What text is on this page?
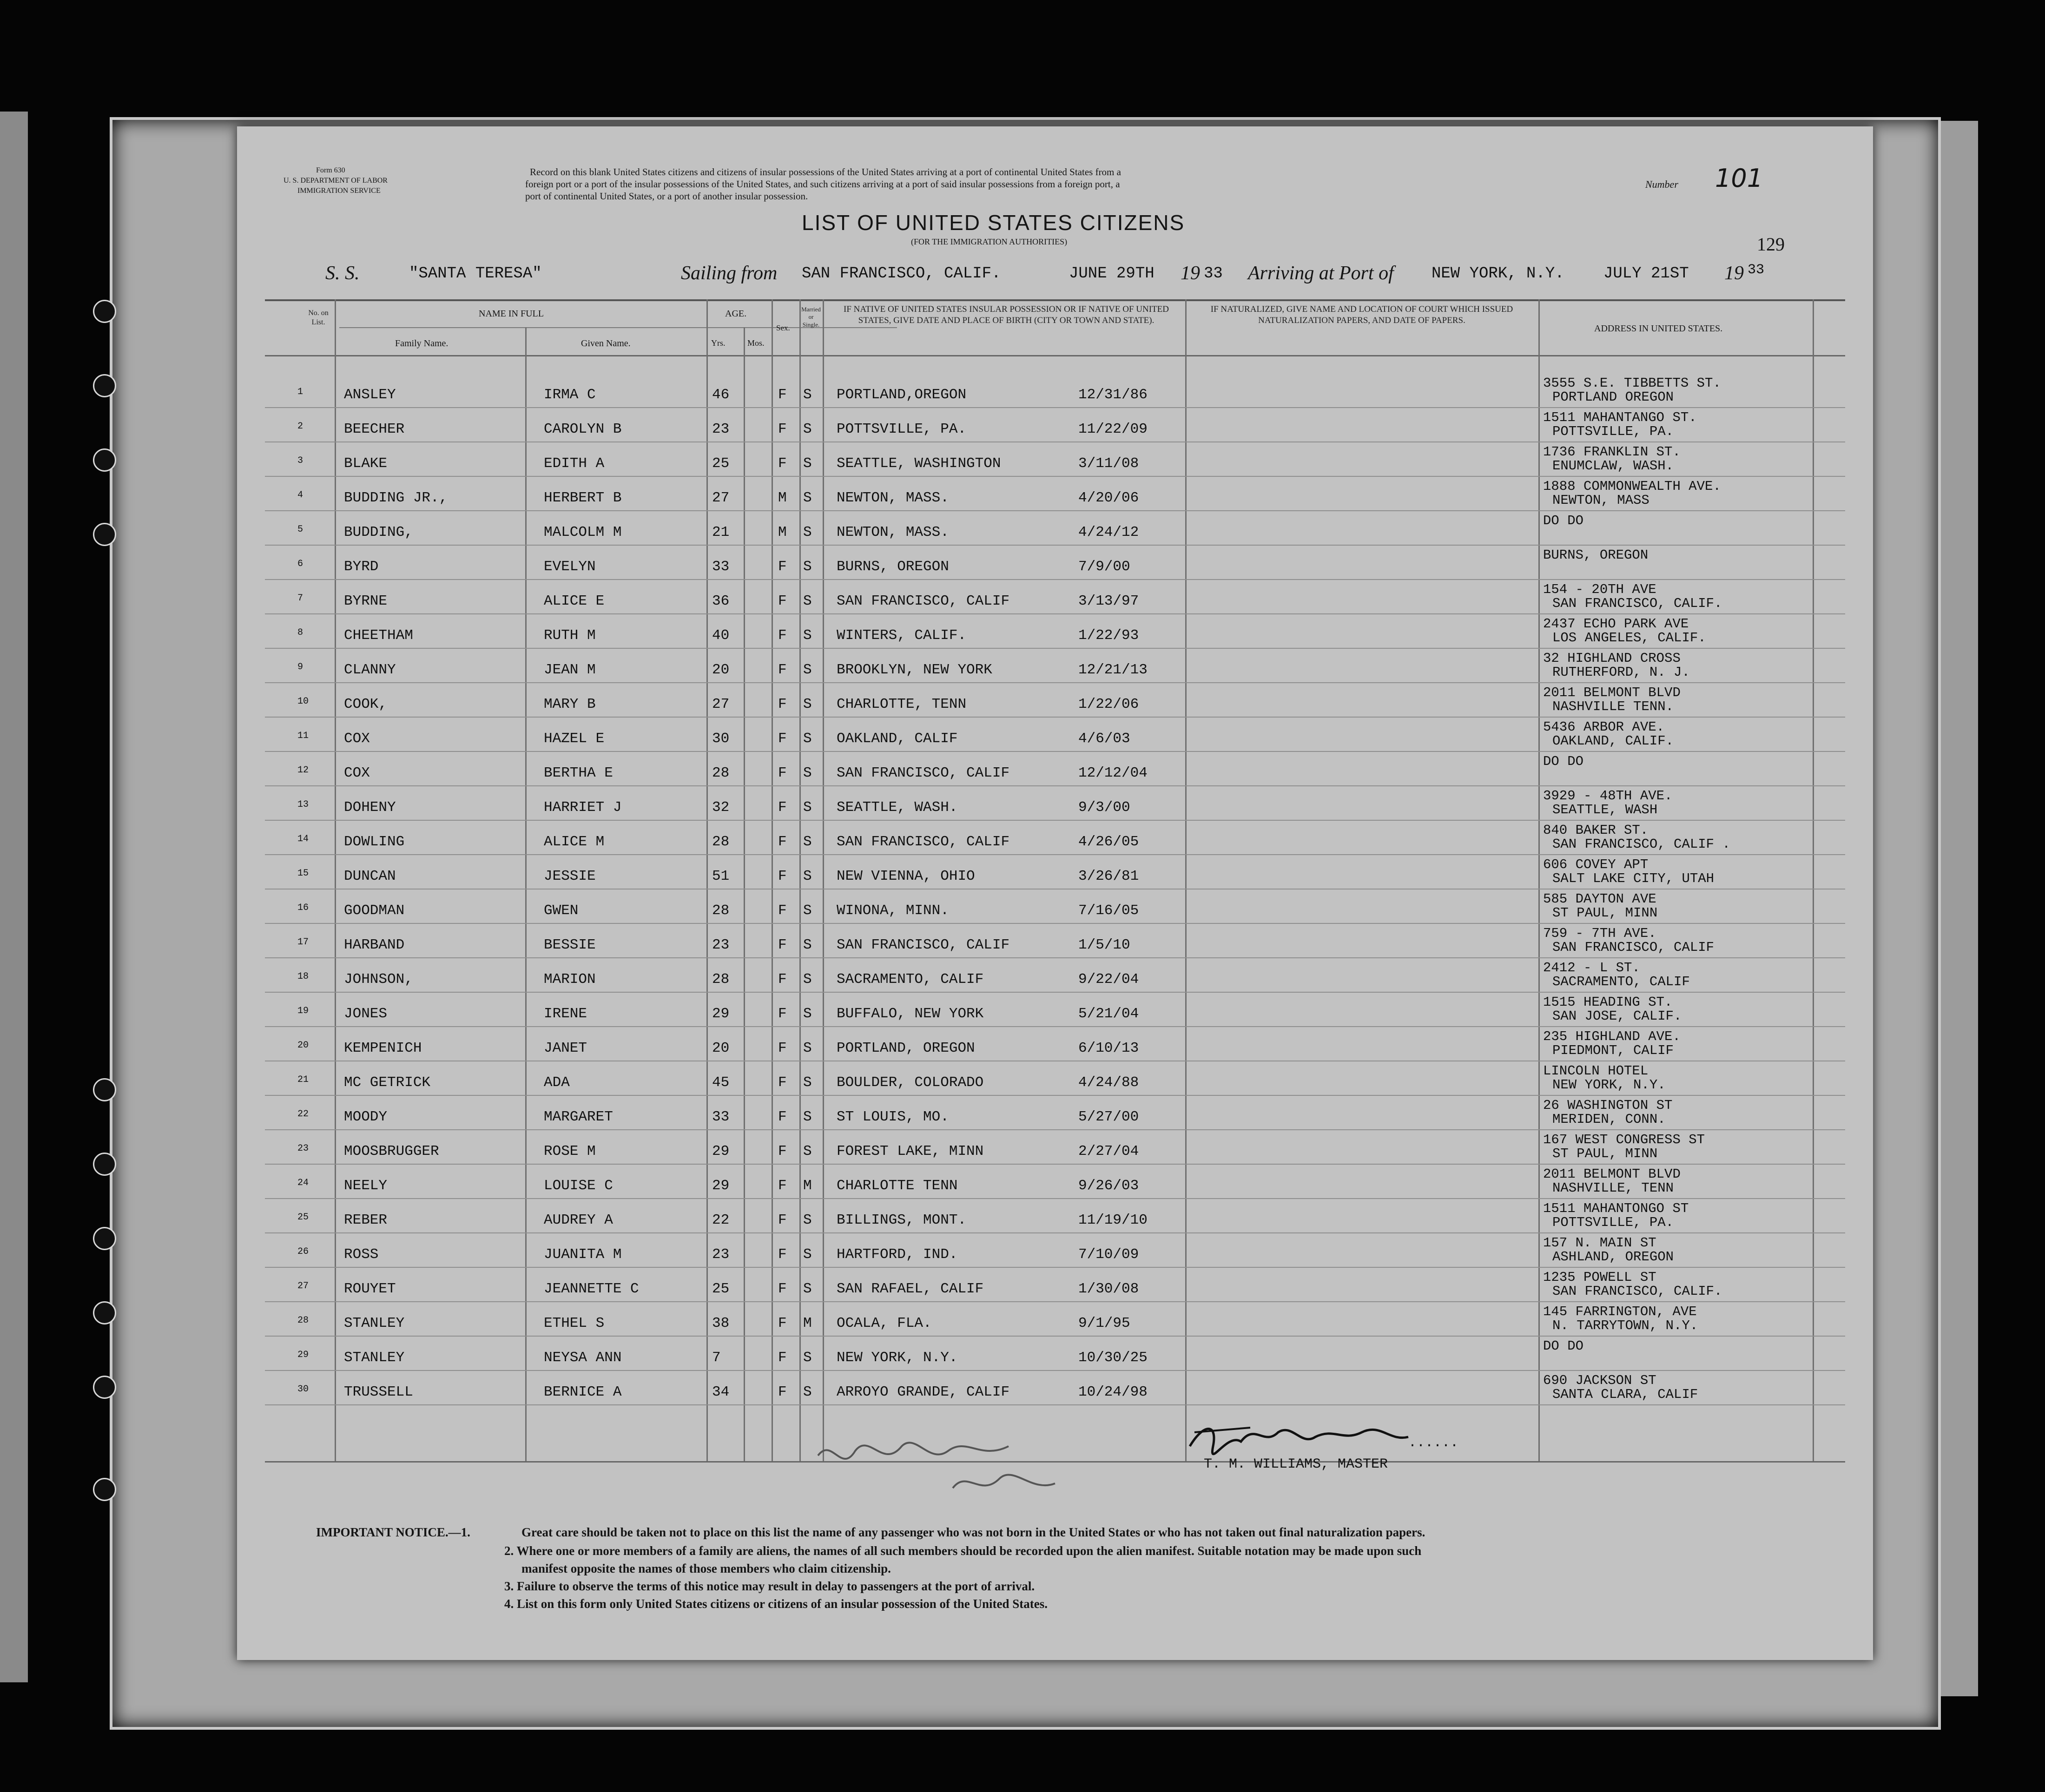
Form 630
U. S. DEPARTMENT OF LABOR
IMMIGRATION SERVICE
Record on this blank United States citizens and citizens of insular possessions of the United States arriving at a port of continental United States from a
foreign port or a port of the insular possessions of the United States, and such citizens arriving at a port of said insular possessions from a foreign port, a
port of continental United States, or a port of another insular possession.
Number 101
LIST OF UNITED STATES CITIZENS
(FOR THE IMMIGRATION AUTHORITIES)	129
S. S.	"SANTA TERESA"	Sailing from SAN FRANCISCO, CALIF.	JUNE 29TH 19 33 Arriving at Port of NEW YORK, N.Y. JULY 21ST 19 33
No. on List.
NAME IN FULL
Family Name.	Given Name.
AGE.
Yrs.	Mos.
Sex.
Married or Single.
IF NATIVE OF UNITED STATES INSULAR POSSESSION OR IF NATIVE OF UNITED STATES, GIVE DATE AND PLACE OF BIRTH (CITY OR TOWN AND STATE).
IF NATURALIZED, GIVE NAME AND LOCATION OF COURT WHICH ISSUED NATURALIZATION PAPERS, AND DATE OF PAPERS.
ADDRESS IN UNITED STATES.
1	ANSLEY	IRMA C	46	F S PORTLAND,OREGON	12/31/86
3555 S.E. TIBBETTS ST.
PORTLAND OREGON
2	BEECHER	CAROLYN B	23	F S POTTSVILLE, PA.	11/22/09
1511 MAHANTANGO ST.
POTTSVILLE, PA.
3	BLAKE	EDITH A	25	F S SEATTLE, WASHINGTON	3/11/08
1736 FRANKLIN ST.
ENUMCLAW, WASH.
4	BUDDING JR.,	HERBERT B	27	M S NEWTON, MASS.	4/20/06
1888 COMMONWEALTH AVE.
NEWTON, MASS
5	BUDDING,	MALCOLM M	21	M S NEWTON, MASS.	4/24/12
DO DO
6	BYRD	EVELYN	33	F S BURNS, OREGON	7/9/00
BURNS, OREGON
7	BYRNE	ALICE E	36	F S SAN FRANCISCO, CALIF	3/13/97
154 - 20TH AVE
SAN FRANCISCO, CALIF.
8	CHEETHAM	RUTH M	40	F S WINTERS, CALIF.	1/22/93
2437 ECHO PARK AVE
LOS ANGELES, CALIF.
9	CLANNY	JEAN M	20	F S BROOKLYN, NEW YORK	12/21/13
32 HIGHLAND CROSS
RUTHERFORD, N. J.
10 COOK,	MARY B	27	F S CHARLOTTE, TENN	1/22/06
2011 BELMONT BLVD
NASHVILLE TENN.
11 COX	HAZEL E	30	F S OAKLAND, CALIF	4/6/03
5436 ARBOR AVE.
OAKLAND, CALIF.
12 COX	BERTHA E	28	F S SAN FRANCISCO, CALIF	12/12/04
DO DO
13 DOHENY	HARRIET J	32	F S SEATTLE, WASH.	9/3/00
3929 - 48TH AVE.
SEATTLE, WASH
14 DOWLING	ALICE M	28	F S SAN FRANCISCO, CALIF	4/26/05
840 BAKER ST.
SAN FRANCISCO, CALIF .
15 DUNCAN	JESSIE	51	F S NEW VIENNA, OHIO	3/26/81
606 COVEY APT
SALT LAKE CITY, UTAH
16 GOODMAN	GWEN	28	F S WINONA, MINN.	7/16/05
585 DAYTON AVE
ST PAUL, MINN
17 HARBAND	BESSIE	23	F S SAN FRANCISCO, CALIF	1/5/10
759 - 7TH AVE.
SAN FRANCISCO, CALIF
18 JOHNSON,	MARION	28	F S SACRAMENTO, CALIF	9/22/04
2412 - L ST.
SACRAMENTO, CALIF
19 JONES	IRENE	29	F S BUFFALO, NEW YORK	5/21/04
1515 HEADING ST.
SAN JOSE, CALIF.
20 KEMPENICH	JANET	20	F S PORTLAND, OREGON	6/10/13
235 HIGHLAND AVE.
PIEDMONT, CALIF
21 MC GETRICK	ADA	45	F S BOULDER, COLORADO	4/24/88
LINCOLN HOTEL
NEW YORK, N.Y.
22 MOODY	MARGARET	33	F S ST LOUIS, MO.	5/27/00
26 WASHINGTON ST
MERIDEN, CONN.
23 MOOSBRUGGER	ROSE M	29	F S FOREST LAKE, MINN	2/27/04
167 WEST CONGRESS ST
ST PAUL, MINN
24 NEELY	LOUISE C	29	F M CHARLOTTE TENN	9/26/03
2011 BELMONT BLVD
NASHVILLE, TENN
25 REBER	AUDREY A	22	F S BILLINGS, MONT.	11/19/10
1511 MAHANTONGO ST
POTTSVILLE, PA.
26 ROSS	JUANITA M	23	F S HARTFORD, IND.	7/10/09
157 N. MAIN ST
ASHLAND, OREGON
27 ROUYET	JEANNETTE C	25	F S SAN RAFAEL, CALIF	1/30/08
1235 POWELL ST
SAN FRANCISCO, CALIF.
28 STANLEY	ETHEL S	38	F M OCALA, FLA.	9/1/95
145 FARRINGTON, AVE
N. TARRYTOWN, N.Y.
29 STANLEY	NEYSA ANN	7	F S NEW YORK, N.Y.	10/30/25
DO DO
30 TRUSSELL	BERNICE A	34	F S ARROYO GRANDE, CALIF	10/24/98
690 JACKSON ST
SANTA CLARA, CALIF
......
T. M. WILLIAMS, MASTER
IMPORTANT NOTICE.—1.	Great care should be taken not to place on this list the name of any passenger who was not born in the United States or who has not taken out final naturalization papers.
2. Where one or more members of a family are aliens, the names of all such members should be recorded upon the alien manifest. Suitable notation may be made upon such
manifest opposite the names of those members who claim citizenship.
3. Failure to observe the terms of this notice may result in delay to passengers at the port of arrival.
4. List on this form only United States citizens or citizens of an insular possession of the United States.
